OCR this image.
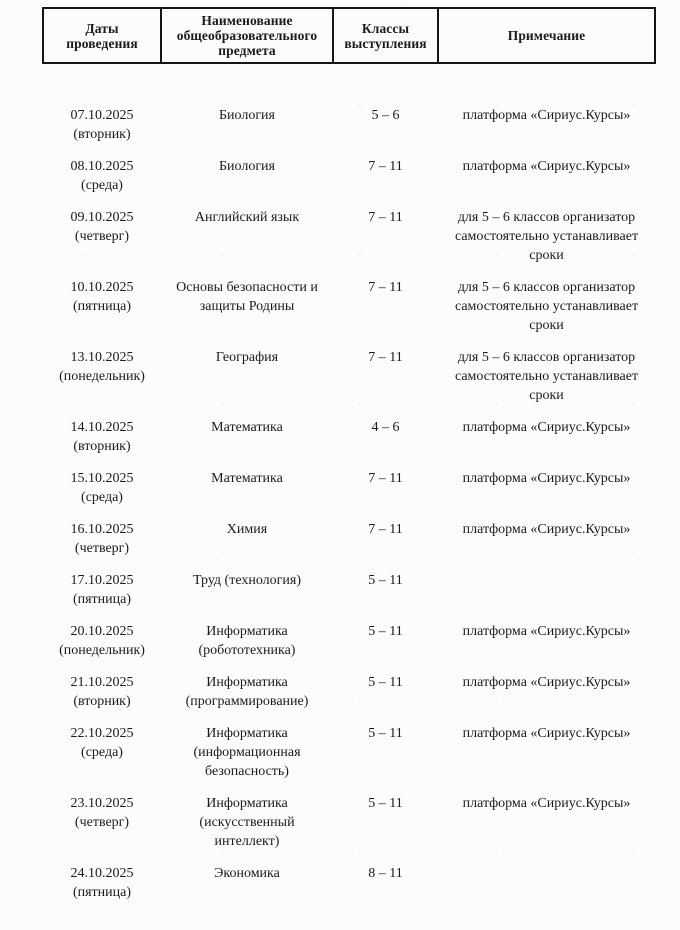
Даты проведения	Наименование общеобразовательного предмета	Классы выступления	Примечание

07.10.2025
(вторник)	Биология	5 – 6	платформа «Сириус.Курсы»

08.10.2025
(среда)	Биология	7 – 11	платформа «Сириус.Курсы»

09.10.2025
(четверг)	Английский язык	7 – 11	для 5 – 6 классов организатор самостоятельно устанавливает сроки

10.10.2025
(пятница)	Основы безопасности и защиты Родины	7 – 11	для 5 – 6 классов организатор самостоятельно устанавливает сроки

13.10.2025
(понедельник)	География	7 – 11	для 5 – 6 классов организатор самостоятельно устанавливает сроки

14.10.2025
(вторник)	Математика	4 – 6	платформа «Сириус.Курсы»

15.10.2025
(среда)	Математика	7 – 11	платформа «Сириус.Курсы»

16.10.2025
(четверг)	Химия	7 – 11	платформа «Сириус.Курсы»

17.10.2025
(пятница)	Труд (технология)	5 – 11	

20.10.2025
(понедельник)	Информатика (робототехника)	5 – 11	платформа «Сириус.Курсы»

21.10.2025
(вторник)	Информатика (программирование)	5 – 11	платформа «Сириус.Курсы»

22.10.2025
(среда)	Информатика (информационная безопасность)	5 – 11	платформа «Сириус.Курсы»

23.10.2025
(четверг)	Информатика (искусственный интеллект)	5 – 11	платформа «Сириус.Курсы»

24.10.2025
(пятница)	Экономика	8 – 11	
